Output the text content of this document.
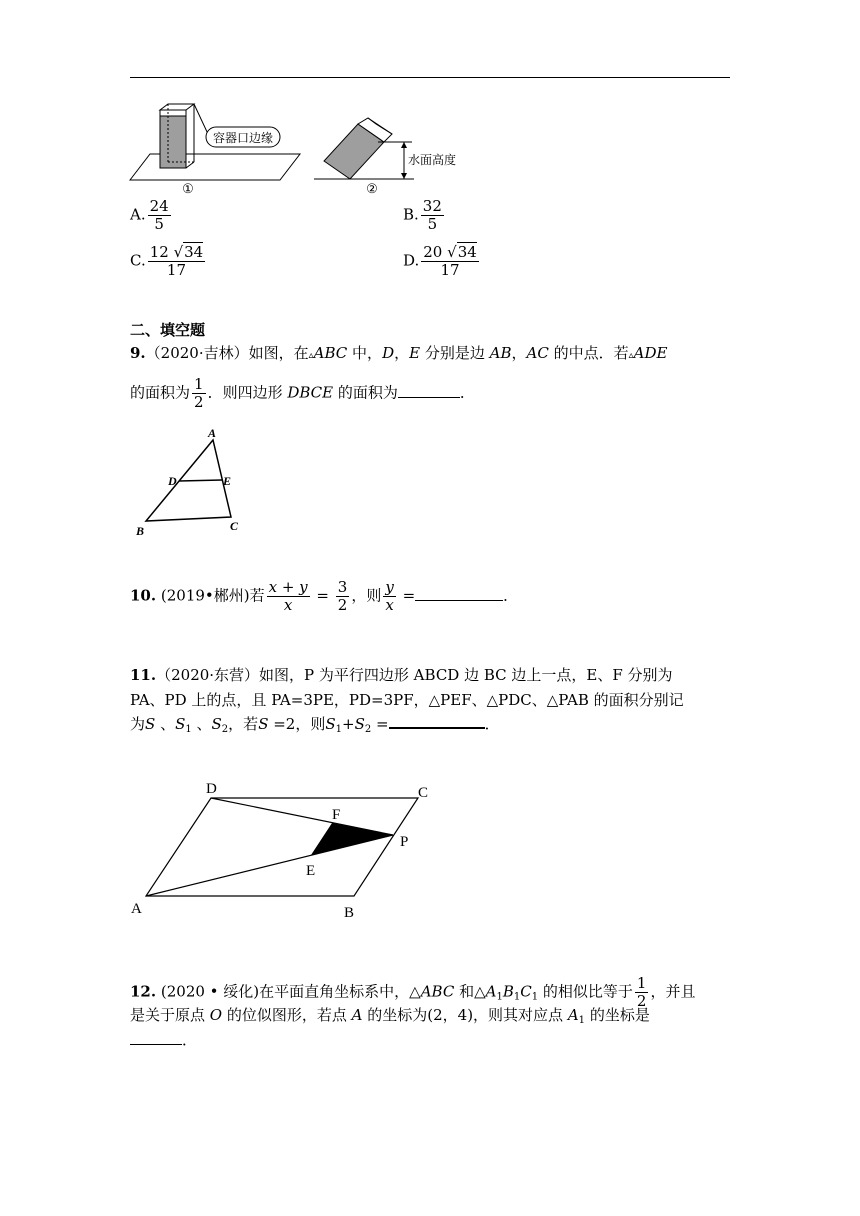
容器口边缘
①
水面高度
②
A. $\frac{24}{5}$	B. $\frac{32}{5}$
C. $\frac{12 √34}{17}$	D. $\frac{20 √34}{17}$
二、填空题
9.（2020·吉林）如图，在▵ABC 中，D，E 分别是边 AB，AC 的中点．若▵ADE
的面积为 $\frac{1}{2}$ ．则四边形 DBCE 的面积为	．
A
B	C
D	E
10. (2019•郴州)若 $\frac{x + y}{x} = \frac{3}{2}$ ，则 $\frac{y}{x}$ =	．
11.（2020·东营）如图，P 为平行四边形 ABCD 边 BC 边上一点，E、F 分别为
PA、PD 上的点，且 PA=3PE，PD=3PF，△PEF、△PDC、△PAB 的面积分别记
为S 、$S_1$ 、$S_2$，若S =2，则$S_1+S_2$ =	．
D	C
F
P
E
A	B
12. (2020 • 绥化)在平面直角坐标系中，△ABC 和$\triangle A_1B_1C_1$ 的相似比等于 $\frac{1}{2}$ ，并且
是关于原点 O 的位似图形，若点 A 的坐标为(2，4)，则其对应点 $A_1$ 的坐标是
．
